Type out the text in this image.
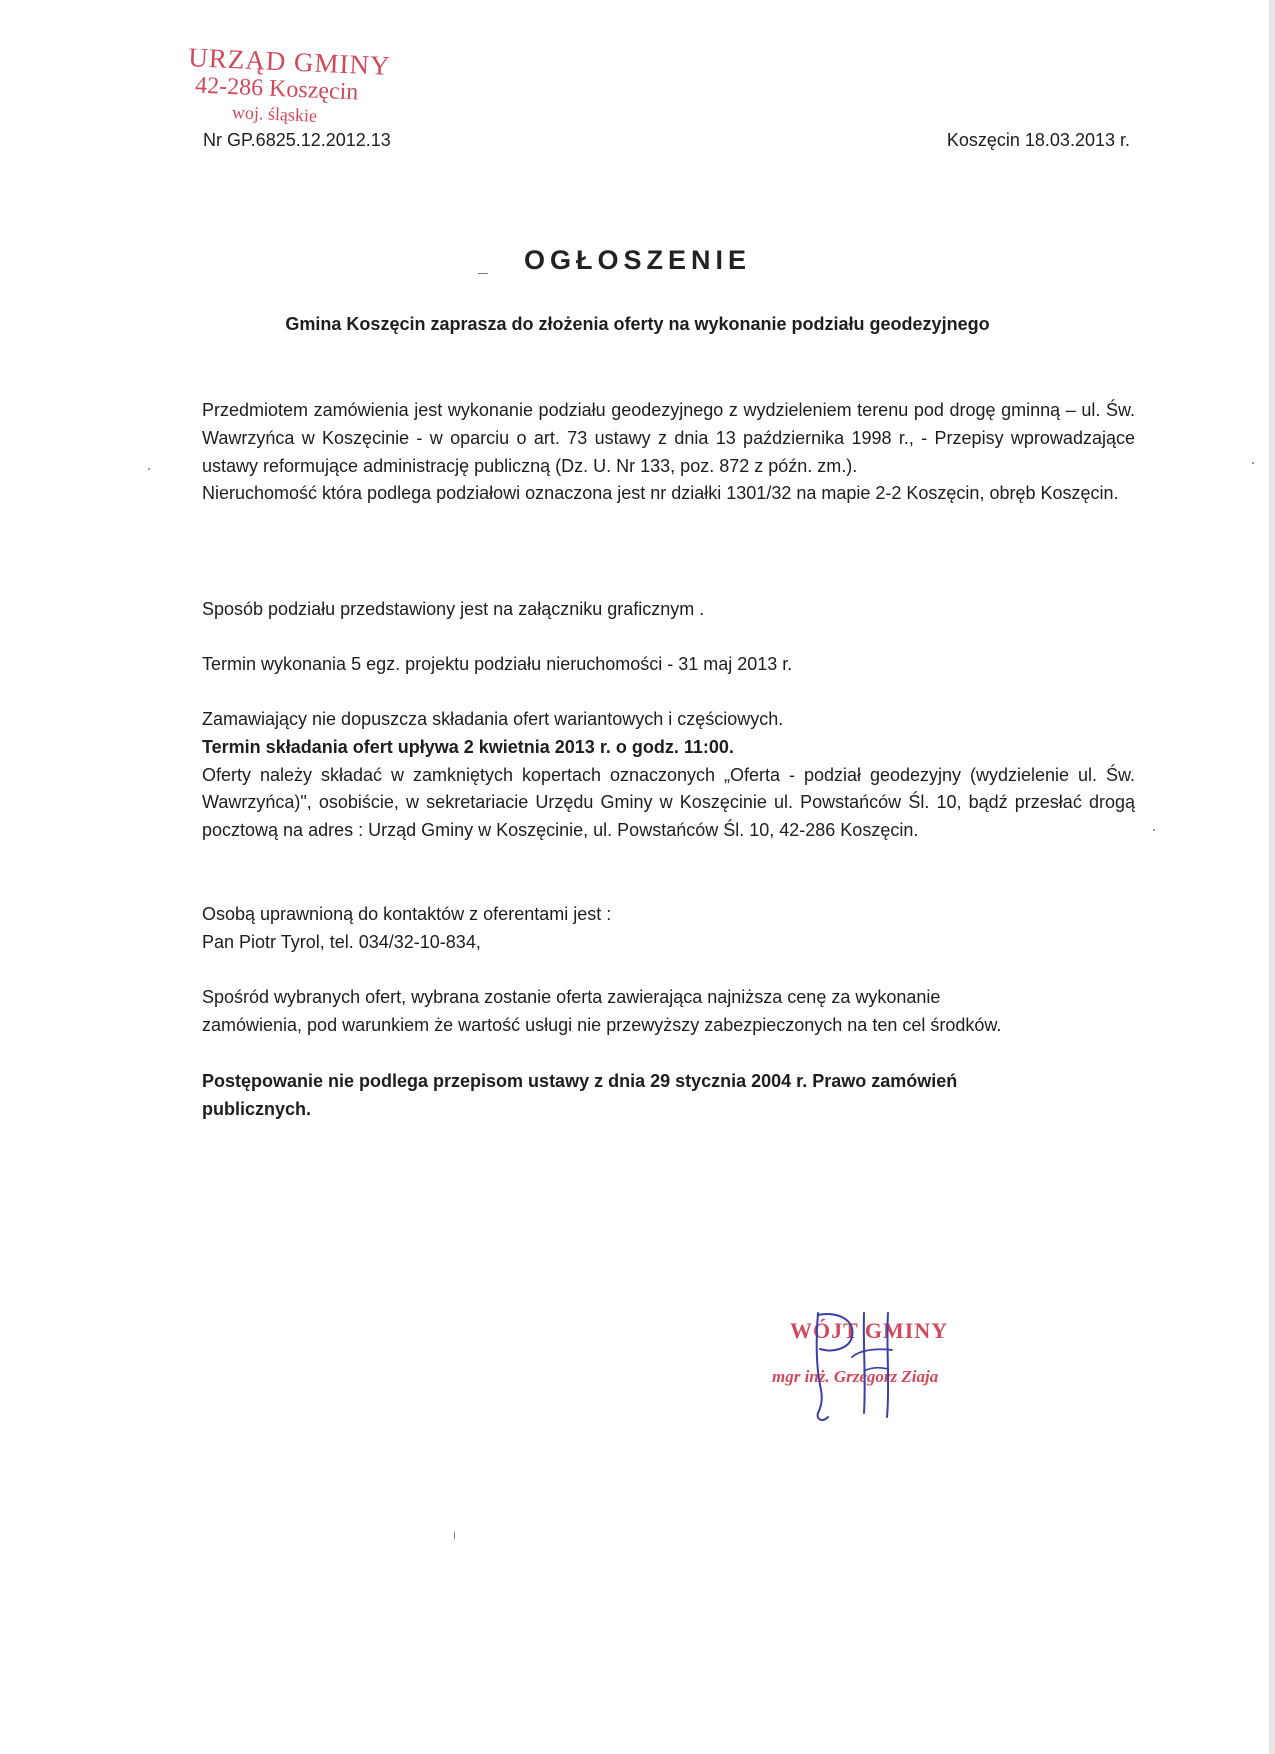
URZĄD GMINY
42-286 Koszęcin
woj. śląskie
Nr GP.6825.12.2012.13	Koszęcin 18.03.2013 r.
OGŁOSZENIE
Gmina Koszęcin zaprasza do złożenia oferty na wykonanie podziału geodezyjnego

Przedmiotem zamówienia jest wykonanie podziału geodezyjnego z wydzieleniem terenu pod drogę gminną – ul. Św. Wawrzyńca w Koszęcinie - w oparciu o art. 73 ustawy z dnia 13 października 1998 r., - Przepisy wprowadzające ustawy reformujące administrację publiczną (Dz. U. Nr 133, poz. 872 z późn. zm.).

Nieruchomość która podlega podziałowi oznaczona jest nr działki 1301/32 na mapie 2-2 Koszęcin, obręb Koszęcin.

Sposób podziału przedstawiony jest na załączniku graficznym .

Termin wykonania 5 egz. projektu podziału nieruchomości - 31 maj 2013 r.

Zamawiający nie dopuszcza składania ofert wariantowych i częściowych.

Termin składania ofert upływa 2 kwietnia 2013 r. o godz. 11:00.

Oferty należy składać w zamkniętych kopertach oznaczonych „Oferta - podział geodezyjny (wydzielenie ul. Św. Wawrzyńca)", osobiście, w sekretariacie Urzędu Gminy w Koszęcinie ul. Powstańców Śl. 10, bądź przesłać drogą pocztową na adres : Urząd Gminy w Koszęcinie, ul. Powstańców Śl. 10, 42-286 Koszęcin.

Osobą uprawnioną do kontaktów z oferentami jest :

Pan Piotr Tyrol, tel. 034/32-10-834,

Spośród wybranych ofert, wybrana zostanie oferta zawierająca najniższa cenę za wykonanie

zamówienia, pod warunkiem że wartość usługi nie przewyższy zabezpieczonych na ten cel środków.

Postępowanie nie podlega przepisom ustawy z dnia 29 stycznia 2004 r. Prawo zamówień

publicznych.

WÓJT GMINY
mgr inż. Grzegorz Ziaja
